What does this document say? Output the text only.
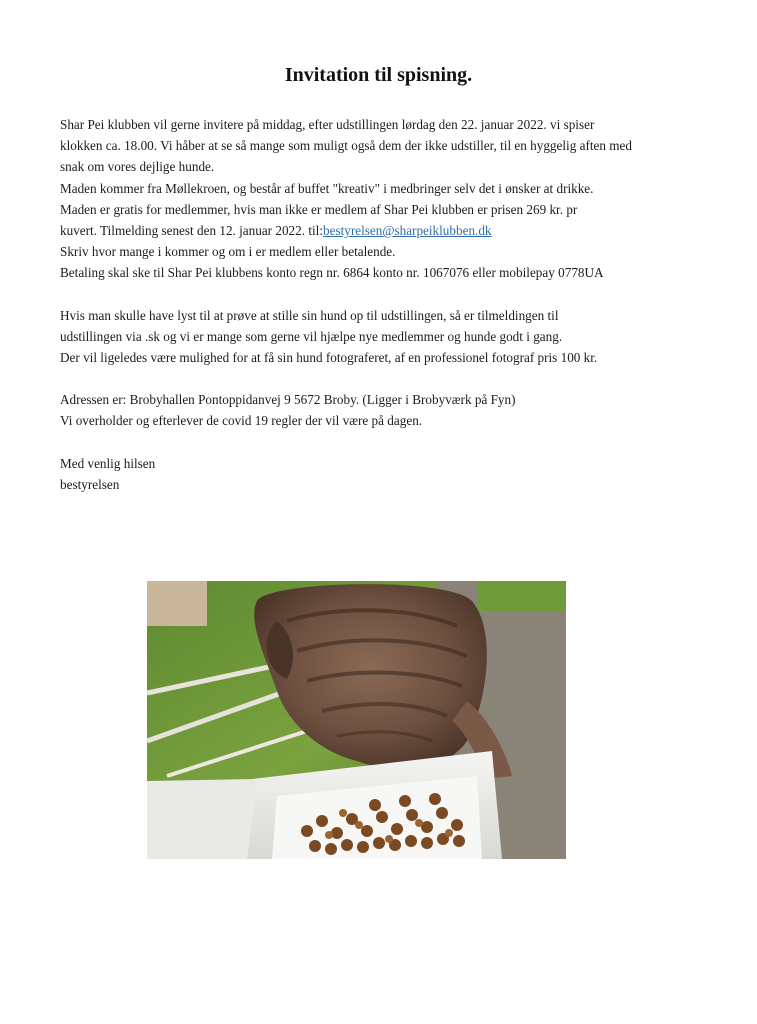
Invitation til spisning.
Shar Pei klubben vil gerne invitere på middag, efter udstillingen lørdag den 22. januar 2022. vi spiser
klokken ca. 18.00. Vi håber at se så mange som muligt også dem der ikke udstiller, til en hyggelig aften med
snak om vores dejlige hunde.
Maden kommer fra Møllekroen, og består af buffet "kreativ" i medbringer selv det i ønsker at drikke.
Maden er gratis for medlemmer, hvis man ikke er medlem af Shar Pei klubben er prisen 269 kr. pr
kuvert. Tilmelding senest den 12. januar 2022. til:bestyrelsen@sharpeiklubben.dk
Skriv hvor mange i kommer og om i er medlem eller betalende.
Betaling skal ske til Shar Pei klubbens konto regn nr. 6864 konto nr. 1067076 eller mobilepay 0778UA
Hvis man skulle have lyst til at prøve at stille sin hund op til udstillingen, så er tilmeldingen til
udstillingen via .sk og vi er mange som gerne vil hjælpe nye medlemmer og hunde godt i gang.
Der vil ligeledes være mulighed for at få sin hund fotograferet, af en professionel fotograf pris 100 kr.
Adressen er: Brobyhallen Pontoppidanvej 9 5672 Broby. (Ligger i Brobyværk på Fyn)
Vi overholder og efterlever de covid 19 regler der vil være på dagen.
Med venlig hilsen
bestyrelsen
